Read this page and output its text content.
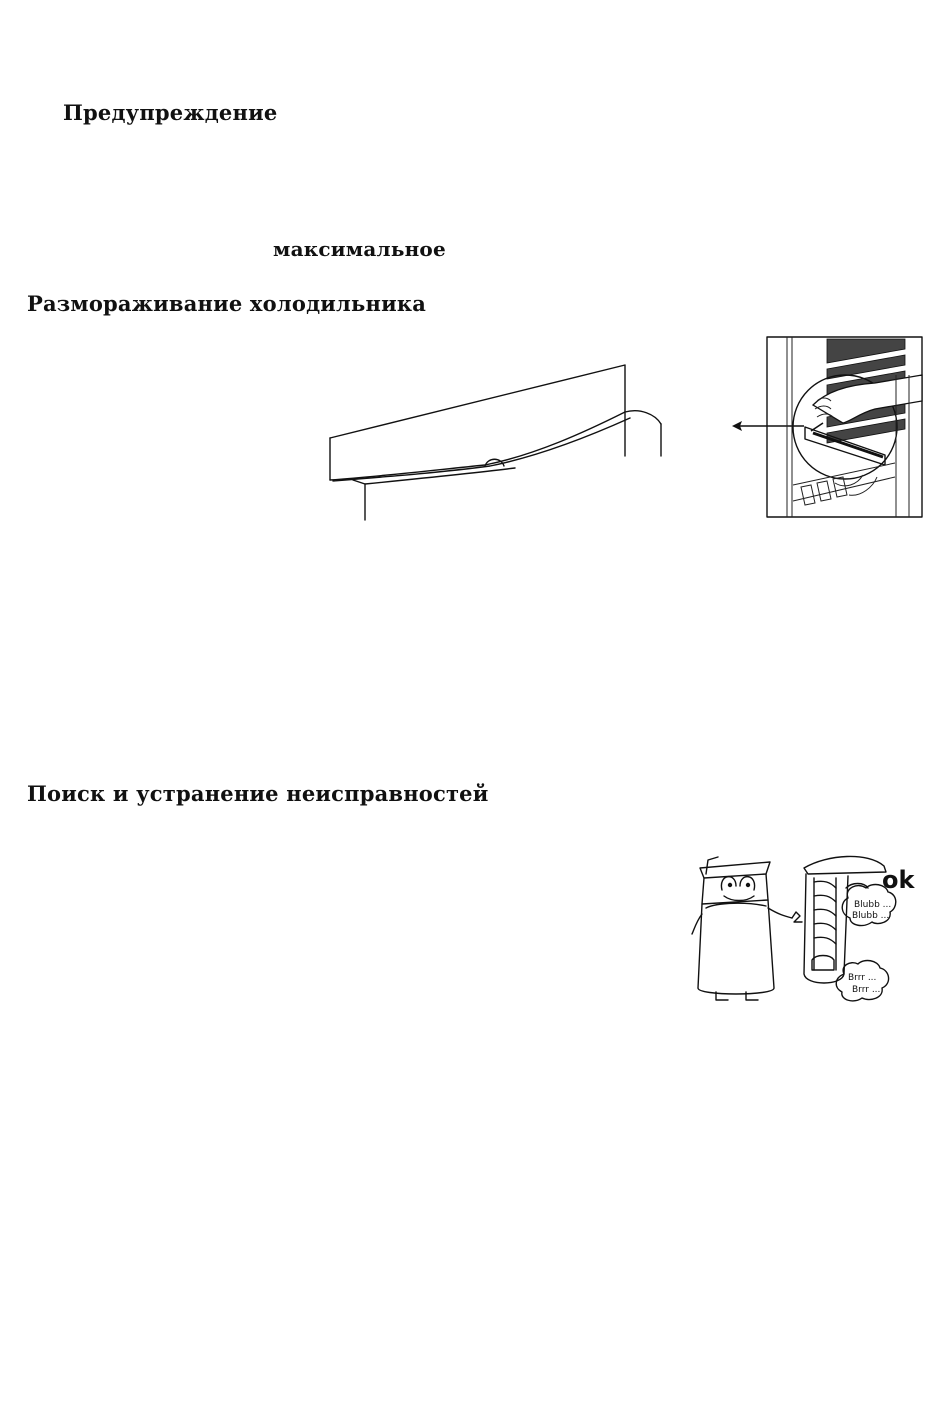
Предупреждение
максимальное
Размораживание холодильника
Поиск и устранение неисправностей
Blubb ...
Blubb ...
Brrr ...
Brrr ...
ok
